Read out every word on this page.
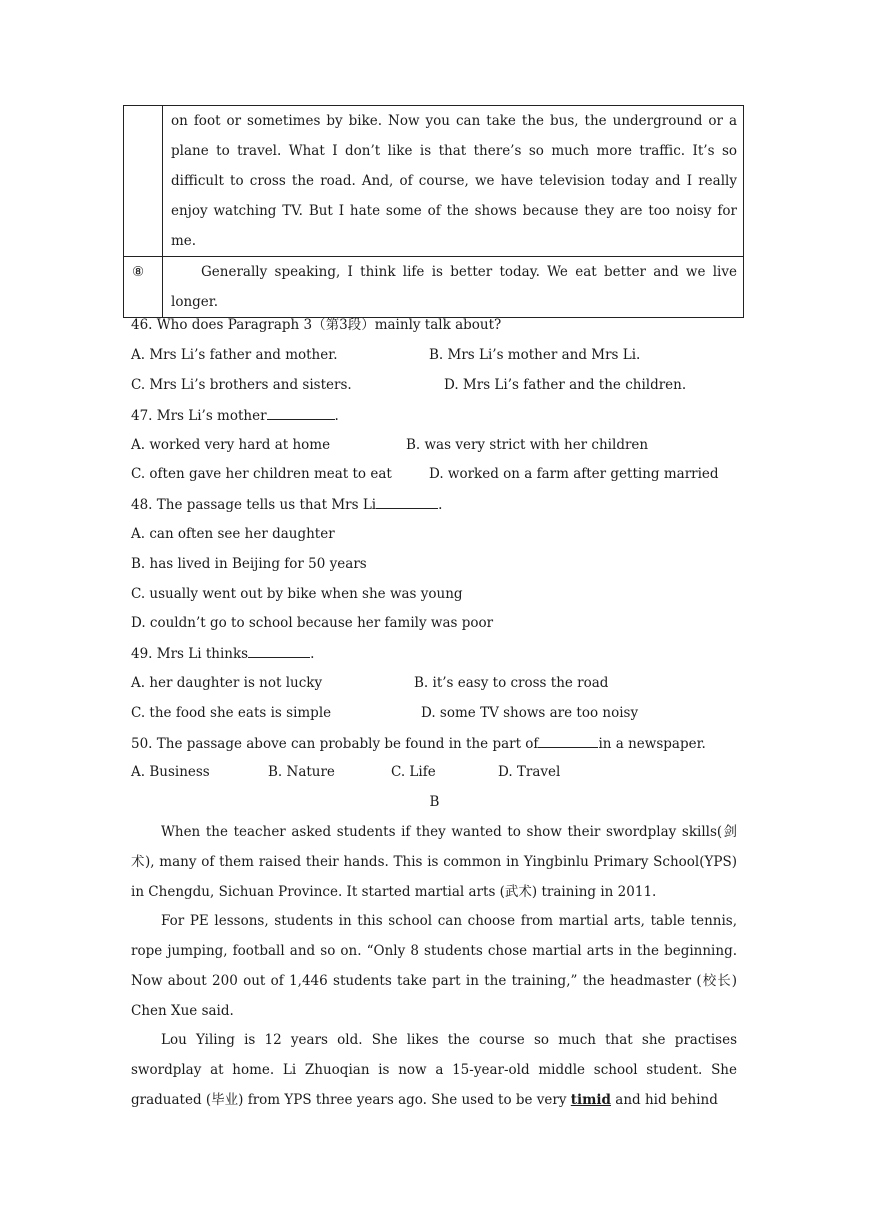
	on foot or sometimes by bike. Now you can take the bus, the underground or a plane to travel. What I don’t like is that there’s so much more traffic. It’s so difficult to cross the road. And, of course, we have television today and I really enjoy watching TV. But I hate some of the shows because they are too noisy for me.

⑧	Generally speaking, I think life is better today. We eat better and we live longer.
46. Who does Paragraph 3（第3段）mainly talk about?
A. Mrs Li’s father and mother.	B. Mrs Li’s mother and Mrs Li.
C. Mrs Li’s brothers and sisters.	D. Mrs Li’s father and the children.
47. Mrs Li’s mother	.
A. worked very hard at home	B. was very strict with her children
C. often gave her children meat to eat	D. worked on a farm after getting married
48. The passage tells us that Mrs Li	.
A. can often see her daughter
B. has lived in Beijing for 50 years
C. usually went out by bike when she was young
D. couldn’t go to school because her family was poor
49. Mrs Li thinks	.
A. her daughter is not lucky	B. it’s easy to cross the road
C. the food she eats is simple	D. some TV shows are too noisy
50. The passage above can probably be found in the part of	in a newspaper.
A. Business	B. Nature	C. Life	D. Travel
B
When the teacher asked students if they wanted to show their swordplay skills(剑术), many of them raised their hands. This is common in Yingbinlu Primary School(YPS) in Chengdu, Sichuan Province. It started martial arts (武术) training in 2011.
For PE lessons, students in this school can choose from martial arts, table tennis, rope jumping, football and so on. “Only 8 students chose martial arts in the beginning. Now about 200 out of 1,446 students take part in the training,” the headmaster (校长) Chen Xue said.
Lou Yiling is 12 years old. She likes the course so much that she practises swordplay at home. Li Zhuoqian is now a 15-year-old middle school student. She graduated (毕业) from YPS three years ago. She used to be very timid and hid behind
